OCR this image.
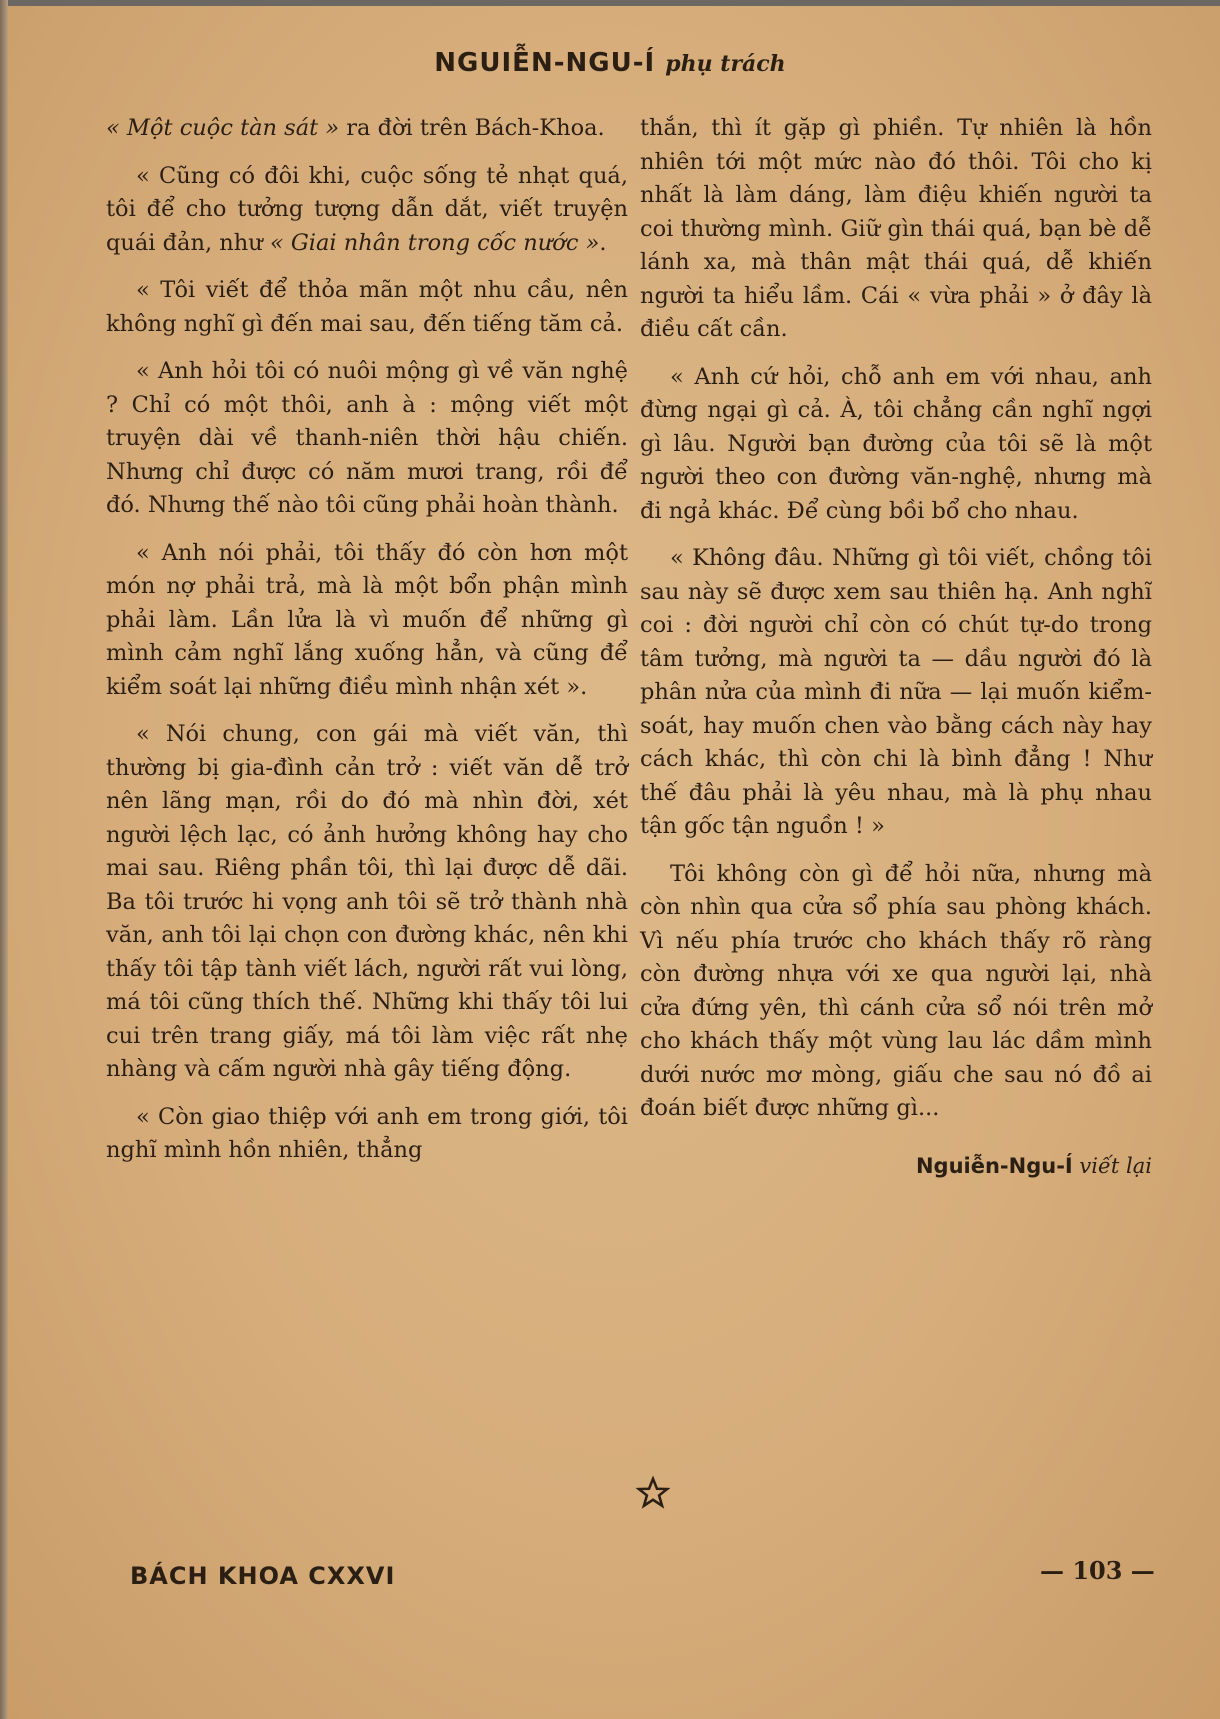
NGUIỄN-NGU-Í phụ trách

« Một cuộc tàn sát » ra đời trên Bách-Khoa.

« Cũng có đôi khi, cuộc sống tẻ nhạt quá, tôi để cho tưởng tượng dẫn dắt, viết truyện quái đản, như « Giai nhân trong cốc nước ».

« Tôi viết để thỏa mãn một nhu cầu, nên không nghĩ gì đến mai sau, đến tiếng tăm cả.

« Anh hỏi tôi có nuôi mộng gì về văn nghệ ? Chỉ có một thôi, anh à : mộng viết một truyện dài về thanh-niên thời hậu chiến. Nhưng chỉ được có năm mươi trang, rồi để đó. Nhưng thế nào tôi cũng phải hoàn thành.

« Anh nói phải, tôi thấy đó còn hơn một món nợ phải trả, mà là một bổn phận mình phải làm. Lần lửa là vì muốn để những gì mình cảm nghĩ lắng xuống hẳn, và cũng để kiểm soát lại những điều mình nhận xét ».

« Nói chung, con gái mà viết văn, thì thường bị gia-đình cản trở : viết văn dễ trở nên lãng mạn, rồi do đó mà nhìn đời, xét người lệch lạc, có ảnh hưởng không hay cho mai sau. Riêng phần tôi, thì lại được dễ dãi. Ba tôi trước hi vọng anh tôi sẽ trở thành nhà văn, anh tôi lại chọn con đường khác, nên khi thấy tôi tập tành viết lách, người rất vui lòng, má tôi cũng thích thế. Những khi thấy tôi lui cui trên trang giấy, má tôi làm việc rất nhẹ nhàng và cấm người nhà gây tiếng động.

« Còn giao thiệp với anh em trong giới, tôi nghĩ mình hồn nhiên, thẳng

thắn, thì ít gặp gì phiền. Tự nhiên là hồn nhiên tới một mức nào đó thôi. Tôi cho kị nhất là làm dáng, làm điệu khiến người ta coi thường mình. Giữ gìn thái quá, bạn bè dễ lánh xa, mà thân mật thái quá, dễ khiến người ta hiểu lầm. Cái « vừa phải » ở đây là điều cất cần.

« Anh cứ hỏi, chỗ anh em với nhau, anh đừng ngại gì cả. À, tôi chẳng cần nghĩ ngợi gì lâu. Người bạn đường của tôi sẽ là một người theo con đường văn-nghệ, nhưng mà đi ngả khác. Để cùng bồi bổ cho nhau.

« Không đâu. Những gì tôi viết, chồng tôi sau này sẽ được xem sau thiên hạ. Anh nghĩ coi : đời người chỉ còn có chút tự-do trong tâm tưởng, mà người ta — dầu người đó là phân nửa của mình đi nữa — lại muốn kiểm-soát, hay muốn chen vào bằng cách này hay cách khác, thì còn chi là bình đẳng ! Như thế đâu phải là yêu nhau, mà là phụ nhau tận gốc tận nguồn ! »

Tôi không còn gì để hỏi nữa, nhưng mà còn nhìn qua cửa sổ phía sau phòng khách. Vì nếu phía trước cho khách thấy rõ ràng còn đường nhựa với xe qua người lại, nhà cửa đứng yên, thì cánh cửa sổ nói trên mở cho khách thấy một vùng lau lác dầm mình dưới nước mơ mòng, giấu che sau nó đồ ai đoán biết được những gì...

Nguiễn-Ngu-Í viết lại
BÁCH KHOA CXXVI	— 103 —
